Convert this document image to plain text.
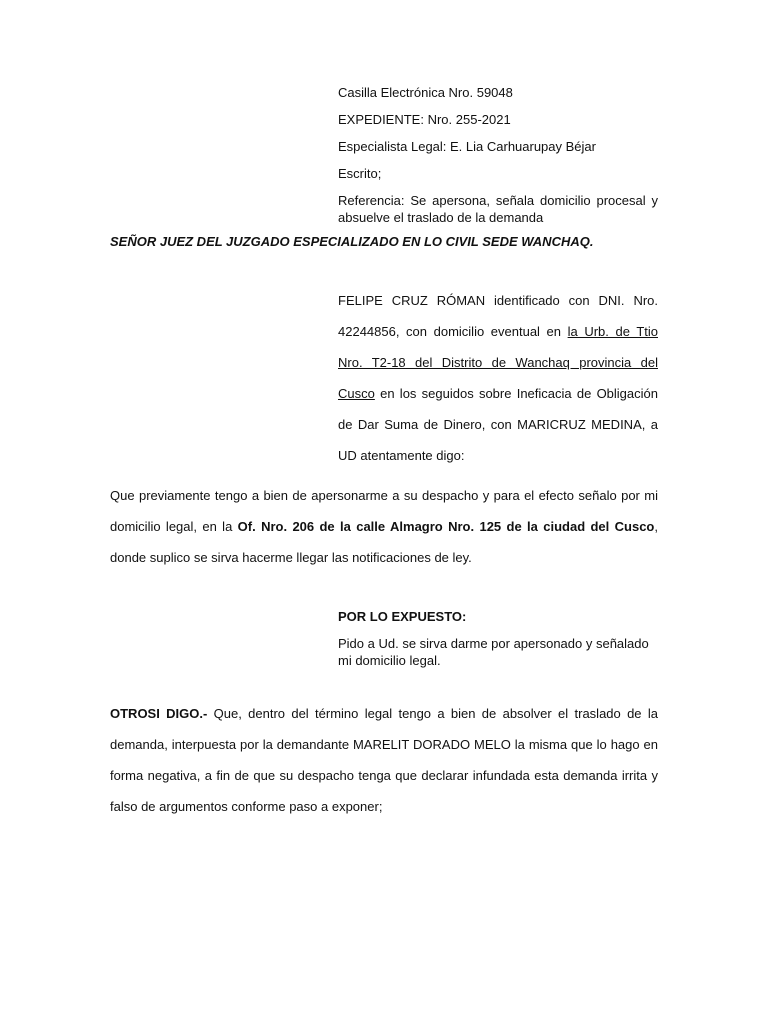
Casilla Electrónica Nro. 59048

EXPEDIENTE: Nro. 255-2021

Especialista Legal: E. Lia Carhuarupay Béjar

Escrito;

Referencia: Se apersona, señala domicilio procesal y absuelve el traslado de la demanda

SEÑOR JUEZ DEL JUZGADO ESPECIALIZADO EN LO CIVIL SEDE WANCHAQ.

FELIPE CRUZ RÓMAN identificado con DNI. Nro. 42244856, con domicilio eventual en la Urb. de Ttio Nro. T2-18 del Distrito de Wanchaq provincia del Cusco en los seguidos sobre Ineficacia de Obligación de Dar Suma de Dinero, con MARICRUZ MEDINA, a UD atentamente digo:

Que previamente tengo a bien de apersonarme a su despacho y para el efecto señalo por mi domicilio legal, en la Of. Nro. 206 de la calle Almagro Nro. 125 de la ciudad del Cusco, donde suplico se sirva hacerme llegar las notificaciones de ley.

POR LO EXPUESTO:

Pido a Ud. se sirva darme por apersonado y señalado mi domicilio legal.

OTROSI DIGO.- Que, dentro del término legal tengo a bien de absolver el traslado de la demanda, interpuesta por la demandante MARELIT DORADO MELO la misma que lo hago en forma negativa, a fin de que su despacho tenga que declarar infundada esta demanda irrita y falso de argumentos conforme paso a exponer;
